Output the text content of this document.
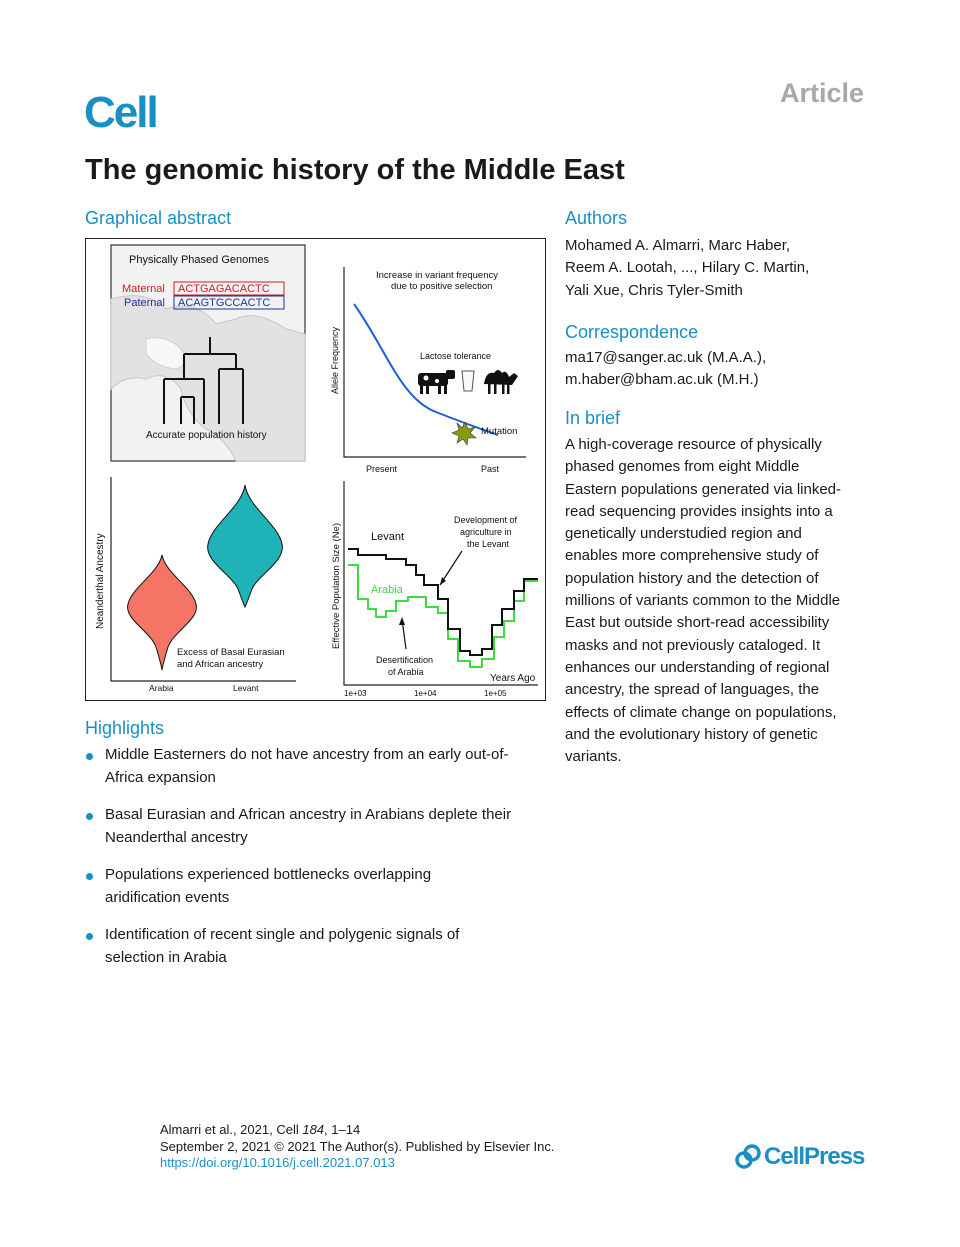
Cell	Article
The genomic history of the Middle East
Graphical abstract
Physically Phased Genomes
Maternal ACTGAGACACTC
Paternal ACAGTGCCACTC
Accurate population history
Increase in variant frequency
due to positive selection
Allele Frequency	Lactose tolerance
Mutation
Present	Past
Neanderthal Ancestry
Excess of Basal Eurasian
and African ancestry
Arabia	Levant
Effective Population Size (Ne)	Levant
Arabia
Development of
agriculture in
the Levant
Desertification
of Arabia
Years Ago
1e+03	1e+04	1e+05
Highlights
Middle Easterners do not have ancestry from an early out-of-
Africa expansion
Basal Eurasian and African ancestry in Arabians deplete their
Neanderthal ancestry
Populations experienced bottlenecks overlapping
aridification events
Identification of recent single and polygenic signals of
selection in Arabia
Authors
Mohamed A. Almarri, Marc Haber,
Reem A. Lootah, ..., Hilary C. Martin,
Yali Xue, Chris Tyler-Smith
Correspondence
ma17@sanger.ac.uk (M.A.A.),
m.haber@bham.ac.uk (M.H.)
In brief
A high-coverage resource of physically
phased genomes from eight Middle
Eastern populations generated via linked-
read sequencing provides insights into a
genetically understudied region and
enables more comprehensive study of
population history and the detection of
millions of variants common to the Middle
East but outside short-read accessibility
masks and not previously cataloged. It
enhances our understanding of regional
ancestry, the spread of languages, the
effects of climate change on populations,
and the evolutionary history of genetic
variants.
Almarri et al., 2021, Cell 184, 1–14
September 2, 2021 © 2021 The Author(s). Published by Elsevier Inc.
https://doi.org/10.1016/j.cell.2021.07.013	CellPress
